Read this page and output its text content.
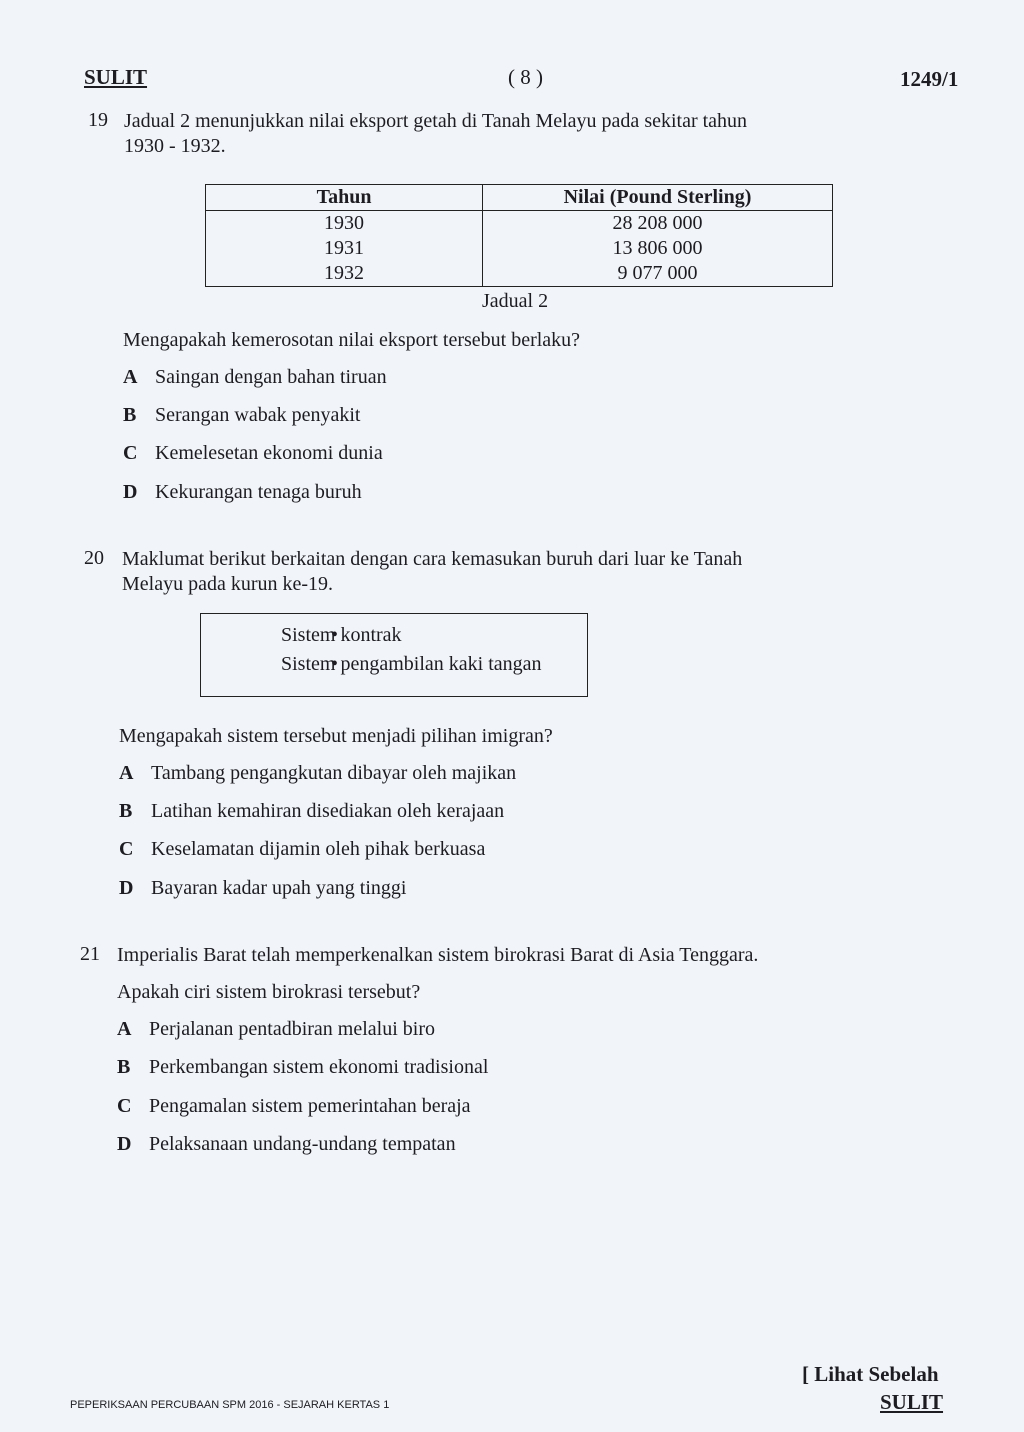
SULIT	( 8 )	1249/1
19 Jadual 2 menunjukkan nilai eksport getah di Tanah Melayu pada sekitar tahun
1930 - 1932.
Tahun	Nilai (Pound Sterling)
1930	28 208 000
1931	13 806 000
1932	9 077 000
Jadual 2
Mengapakah kemerosotan nilai eksport tersebut berlaku?
A Saingan dengan bahan tiruan
B Serangan wabak penyakit
C Kemelesetan ekonomi dunia
D Kekurangan tenaga buruh
20 Maklumat berikut berkaitan dengan cara kemasukan buruh dari luar ke Tanah
Melayu pada kurun ke-19.
• Sistem kontrak
• Sistem pengambilan kaki tangan
Mengapakah sistem tersebut menjadi pilihan imigran?
A Tambang pengangkutan dibayar oleh majikan
B Latihan kemahiran disediakan oleh kerajaan
C Keselamatan dijamin oleh pihak berkuasa
D Bayaran kadar upah yang tinggi
21 Imperialis Barat telah memperkenalkan sistem birokrasi Barat di Asia Tenggara.
Apakah ciri sistem birokrasi tersebut?
A Perjalanan pentadbiran melalui biro
B Perkembangan sistem ekonomi tradisional
C Pengamalan sistem pemerintahan beraja
D Pelaksanaan undang-undang tempatan
PEPERIKSAAN PERCUBAAN SPM 2016 - SEJARAH KERTAS 1
[ Lihat Sebelah
SULIT
